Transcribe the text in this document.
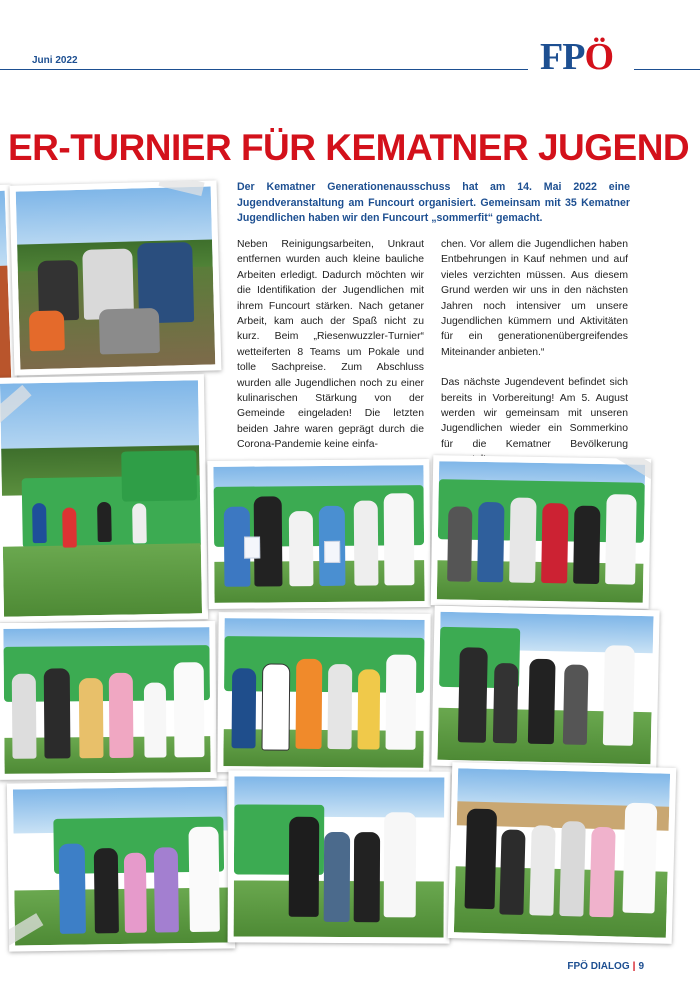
Juni 2022	FPÖ
ER-TURNIER FÜR KEMATNER JUGEND
Der Kematner Generationenausschuss hat am 14. Mai 2022 eine Jugendveranstaltung am Funcourt organisiert. Gemeinsam mit 35 Kematner Jugendlichen haben wir den Funcourt „sommerfit“ gemacht.

Neben Reinigungsarbeiten, Unkraut entfernen wurden auch kleine bauliche Arbeiten erledigt. Dadurch möchten wir die Identifikation der Jugendlichen mit ihrem Funcourt stärken. Nach getaner Arbeit, kam auch der Spaß nicht zu kurz. Beim „Riesenwuzzler-Turnier“ wetteiferten 8 Teams um Pokale und tolle Sachpreise. Zum Abschluss wurden alle Jugendlichen noch zu einer kulinarischen Stärkung von der Gemeinde eingeladen! Die letzten beiden Jahre waren geprägt durch die Corona-Pandemie keine einfa-

chen. Vor allem die Jugendlichen haben Entbehrungen in Kauf nehmen und auf vieles verzichten müssen. Aus diesem Grund werden wir uns in den nächsten Jahren noch intensiver um unsere Jugendlichen kümmern und Aktivitäten für ein generationenübergreifendes Miteinander anbieten.“

Das nächste Jugendevent befindet sich bereits in Vorbereitung! Am 5. August werden wir gemeinsam mit unseren Jugendlichen wieder ein Sommerkino für die Kematner Bevölkerung

FPÖ DIALOG | 9
